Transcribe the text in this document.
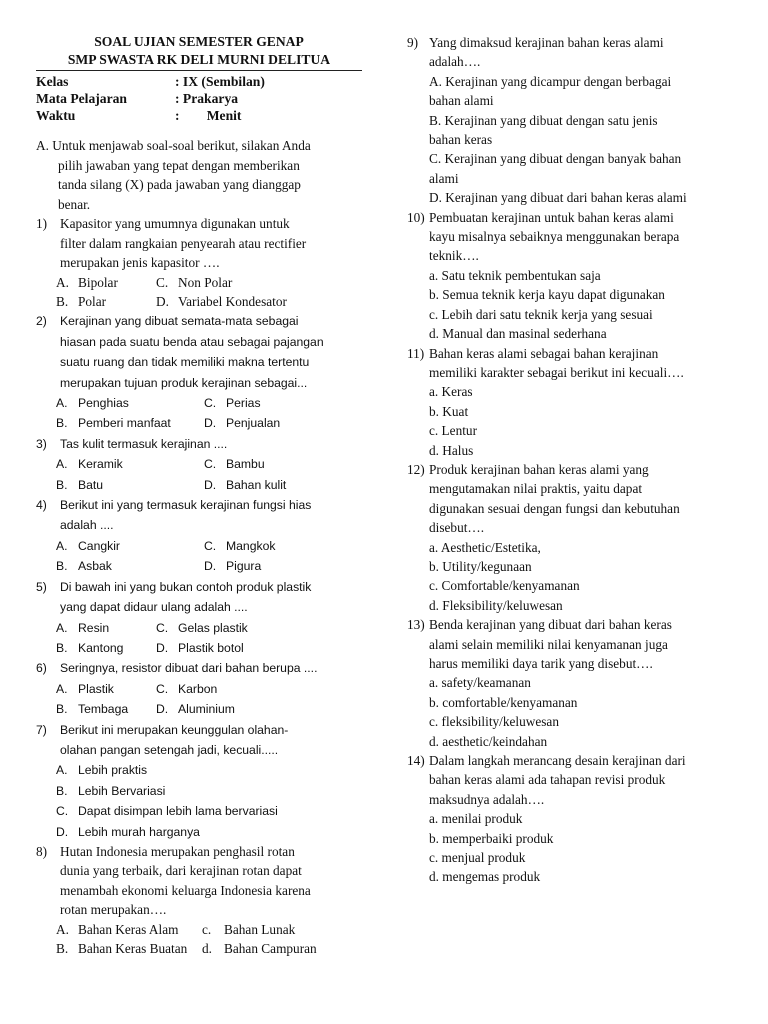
SOAL UJIAN SEMESTER GENAP
SMP SWASTA RK DELI MURNI DELITUA
Kelas	: IX (Sembilan)
Mata Pelajaran	: Prakarya
Waktu	:        Menit
A. Untuk menjawab soal-soal berikut, silakan Anda
pilih jawaban yang tepat dengan memberikan
tanda silang (X) pada jawaban yang dianggap
benar.
1) Kapasitor yang umumnya digunakan untuk
filter dalam rangkaian penyearah atau rectifier
merupakan jenis kapasitor ….
A. Bipolar	C. Non Polar
B. Polar	D. Variabel Kondesator
2)	Kerajinan yang dibuat semata-mata sebagai
hiasan pada suatu benda atau sebagai pajangan
suatu ruang dan tidak memiliki makna tertentu
merupakan tujuan produk kerajinan sebagai...
A. Penghias	C. Perias
B. Pemberi manfaat	D. Penjualan
3)	Tas kulit termasuk kerajinan ....
A. Keramik	C. Bambu
B. Batu	D. Bahan kulit
4)	Berikut ini yang termasuk kerajinan fungsi hias
adalah ....
A. Cangkir	C. Mangkok
B. Asbak	D. Pigura
5)	Di bawah ini yang bukan contoh produk plastik
yang dapat didaur ulang adalah ....
A. Resin	C. Gelas plastik
B. Kantong	D. Plastik botol
6)	Seringnya, resistor dibuat dari bahan berupa ....
A. Plastik	C. Karbon
B. Tembaga D. Aluminium
7)	Berikut ini merupakan keunggulan olahan-
olahan pangan setengah jadi, kecuali.....
A. Lebih praktis
B. Lebih Bervariasi
C. Dapat disimpan lebih lama bervariasi
D. Lebih murah harganya
8) Hutan Indonesia merupakan penghasil rotan
dunia yang terbaik, dari kerajinan rotan dapat
menambah ekonomi keluarga Indonesia karena
rotan merupakan….
A. Bahan Keras Alam c. Bahan Lunak
B. Bahan Keras Buatan d. Bahan Campuran
9) Yang dimaksud kerajinan bahan keras alami
adalah….
A. Kerajinan yang dicampur dengan berbagai
bahan alami
B. Kerajinan yang dibuat dengan satu jenis
bahan keras
C. Kerajinan yang dibuat dengan banyak bahan
alami
D. Kerajinan yang dibuat dari bahan keras alami
10) Pembuatan kerajinan untuk bahan keras alami
kayu misalnya sebaiknya menggunakan berapa
teknik….
a. Satu teknik pembentukan saja
b. Semua teknik kerja kayu dapat digunakan
c. Lebih dari satu teknik kerja yang sesuai
d. Manual dan masinal sederhana
11) Bahan keras alami sebagai bahan kerajinan
memiliki karakter sebagai berikut ini kecuali….
a. Keras
b. Kuat
c. Lentur
d. Halus
12) Produk kerajinan bahan keras alami yang
mengutamakan nilai praktis, yaitu dapat
digunakan sesuai dengan fungsi dan kebutuhan
disebut….
a. Aesthetic/Estetika,
b. Utility/kegunaan
c. Comfortable/kenyamanan
d. Fleksibility/keluwesan
13) Benda kerajinan yang dibuat dari bahan keras
alami selain memiliki nilai kenyamanan juga
harus memiliki daya tarik yang disebut….
a. safety/keamanan
b. comfortable/kenyamanan
c. fleksibility/keluwesan
d. aesthetic/keindahan
14) Dalam langkah merancang desain kerajinan dari
bahan keras alami ada tahapan revisi produk
maksudnya adalah….
a. menilai produk
b. memperbaiki produk
c. menjual produk
d. mengemas produk
